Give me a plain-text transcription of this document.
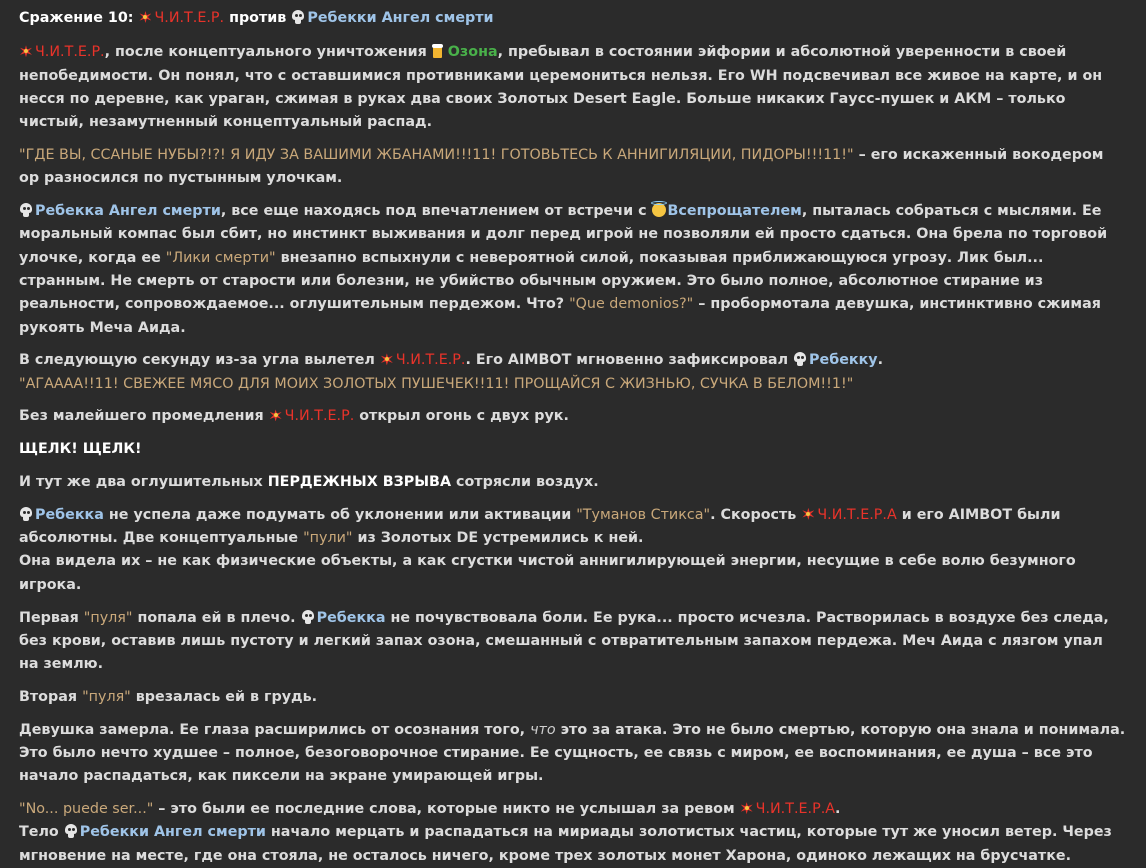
Сражение 10: Ч.И.Т.Е.Р. против Ребекки Ангел смерти

Ч.И.Т.Е.Р., после концептуального уничтожения Озона, пребывал в состоянии эйфории и абсолютной уверенности в своей непобедимости. Он понял, что с оставшимися противниками церемониться нельзя. Его WH подсвечивал все живое на карте, и он несся по деревне, как ураган, сжимая в руках два своих Золотых Desert Eagle. Больше никаких Гаусс-пушек и АКМ – только чистый, незамутненный концептуальный распад.

"ГДЕ ВЫ, ССАНЫЕ НУБЫ?!?! Я ИДУ ЗА ВАШИМИ ЖБАНАМИ!!!11! ГОТОВЬТЕСЬ К АННИГИЛЯЦИИ, ПИДОРЫ!!!11!" – его искаженный вокодером ор разносился по пустынным улочкам.

Ребекка Ангел смерти, все еще находясь под впечатлением от встречи с Всепрощателем, пыталась собраться с мыслями. Ее моральный компас был сбит, но инстинкт выживания и долг перед игрой не позволяли ей просто сдаться. Она брела по торговой улочке, когда ее "Лики смерти" внезапно вспыхнули с невероятной силой, показывая приближающуюся угрозу. Лик был... странным. Не смерть от старости или болезни, не убийство обычным оружием. Это было полное, абсолютное стирание из реальности, сопровождаемое... оглушительным пердежом. Что? "Que demonios?" – пробормотала девушка, инстинктивно сжимая рукоять Меча Аида.

В следующую секунду из-за угла вылетел Ч.И.Т.Е.Р.. Его AIMBOT мгновенно зафиксировал Ребекку.
"АГАААА!!11! СВЕЖЕЕ МЯСО ДЛЯ МОИХ ЗОЛОТЫХ ПУШЕЧЕК!!11! ПРОЩАЙСЯ С ЖИЗНЬЮ, СУЧКА В БЕЛОМ!!1!"

Без малейшего промедления Ч.И.Т.Е.Р. открыл огонь с двух рук.

ЩЕЛК! ЩЕЛК!

И тут же два оглушительных ПЕРДЕЖНЫХ ВЗРЫВА сотрясли воздух.

Ребекка не успела даже подумать об уклонении или активации "Туманов Стикса". Скорость Ч.И.Т.Е.Р.А и его AIMBOT были абсолютны. Две концептуальные "пули" из Золотых DE устремились к ней.
Она видела их – не как физические объекты, а как сгустки чистой аннигилирующей энергии, несущие в себе волю безумного игрока.

Первая "пуля" попала ей в плечо. Ребекка не почувствовала боли. Ее рука... просто исчезла. Растворилась в воздухе без следа, без крови, оставив лишь пустоту и легкий запах озона, смешанный с отвратительным запахом пердежа. Меч Аида с лязгом упал на землю.

Вторая "пуля" врезалась ей в грудь.

Девушка замерла. Ее глаза расширились от осознания того, что это за атака. Это не было смертью, которую она знала и понимала. Это было нечто худшее – полное, безоговорочное стирание. Ее сущность, ее связь с миром, ее воспоминания, ее душа – все это начало распадаться, как пиксели на экране умирающей игры.

"No... puede ser..." – это были ее последние слова, которые никто не услышал за ревом Ч.И.Т.Е.Р.А.
Тело Ребекки Ангел смерти начало мерцать и распадаться на мириады золотистых частиц, которые тут же уносил ветер. Через мгновение на месте, где она стояла, не осталось ничего, кроме трех золотых монет Харона, одиноко лежащих на брусчатке.
